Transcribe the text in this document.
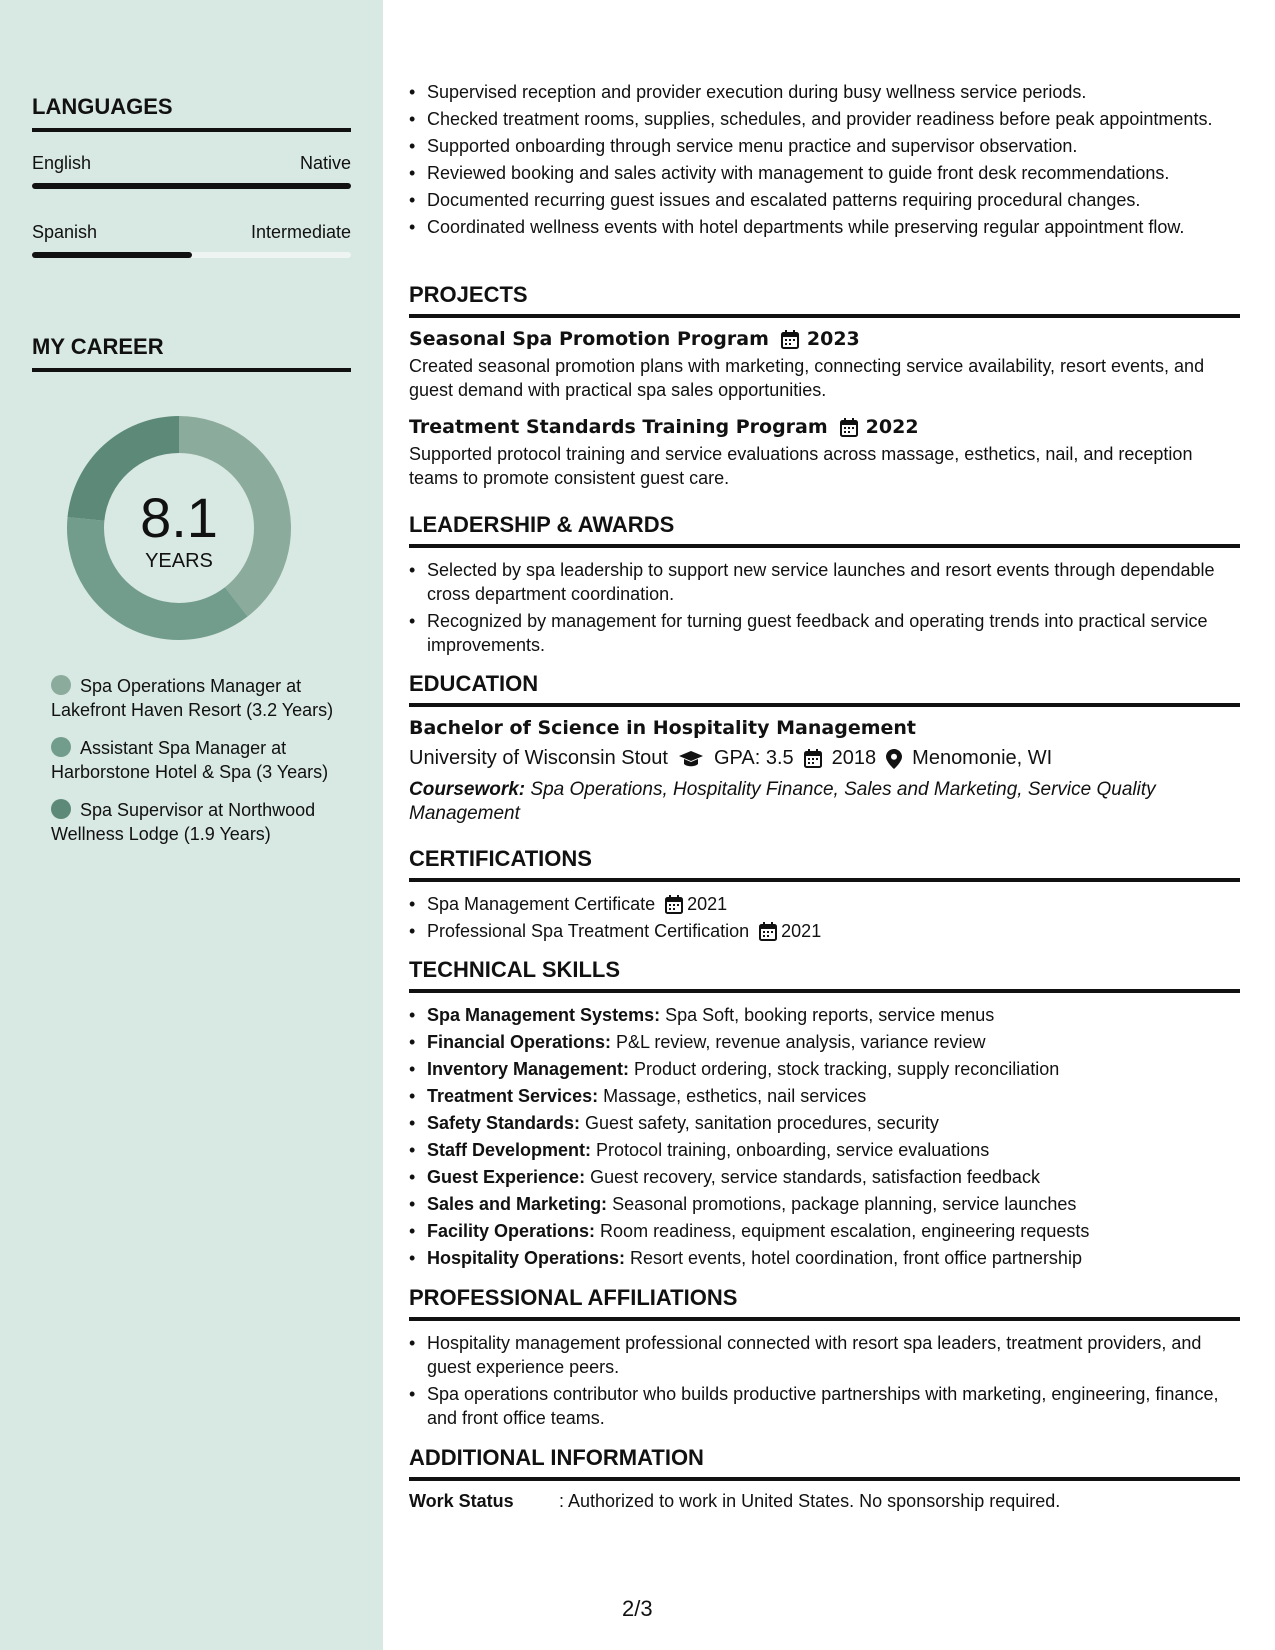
LANGUAGES
English	Native
Spanish	Intermediate
MY CAREER
8.1
YEARS
Spa Operations Manager at Lakefront Haven Resort (3.2 Years)
Assistant Spa Manager at Harborstone Hotel & Spa (3 Years)
Spa Supervisor at Northwood Wellness Lodge (1.9 Years)
• Supervised reception and provider execution during busy wellness service periods.
• Checked treatment rooms, supplies, schedules, and provider readiness before peak appointments.
• Supported onboarding through service menu practice and supervisor observation.
• Reviewed booking and sales activity with management to guide front desk recommendations.
• Documented recurring guest issues and escalated patterns requiring procedural changes.
• Coordinated wellness events with hotel departments while preserving regular appointment flow.
PROJECTS
Seasonal Spa Promotion Program 2023
Created seasonal promotion plans with marketing, connecting service availability, resort events, and guest demand with practical spa sales opportunities.
Treatment Standards Training Program 2022
Supported protocol training and service evaluations across massage, esthetics, nail, and reception teams to promote consistent guest care.
LEADERSHIP & AWARDS
• Selected by spa leadership to support new service launches and resort events through dependable cross department coordination.
• Recognized by management for turning guest feedback and operating trends into practical service improvements.
EDUCATION
Bachelor of Science in Hospitality Management
University of Wisconsin Stout GPA: 3.5 2018 Menomonie, WI
Coursework: Spa Operations, Hospitality Finance, Sales and Marketing, Service Quality Management
CERTIFICATIONS
• Spa Management Certificate 2021
• Professional Spa Treatment Certification 2021
TECHNICAL SKILLS
• Spa Management Systems: Spa Soft, booking reports, service menus
• Financial Operations: P&L review, revenue analysis, variance review
• Inventory Management: Product ordering, stock tracking, supply reconciliation
• Treatment Services: Massage, esthetics, nail services
• Safety Standards: Guest safety, sanitation procedures, security
• Staff Development: Protocol training, onboarding, service evaluations
• Guest Experience: Guest recovery, service standards, satisfaction feedback
• Sales and Marketing: Seasonal promotions, package planning, service launches
• Facility Operations: Room readiness, equipment escalation, engineering requests
• Hospitality Operations: Resort events, hotel coordination, front office partnership
PROFESSIONAL AFFILIATIONS
• Hospitality management professional connected with resort spa leaders, treatment providers, and guest experience peers.
• Spa operations contributor who builds productive partnerships with marketing, engineering, finance, and front office teams.
ADDITIONAL INFORMATION
Work Status	: Authorized to work in United States. No sponsorship required.
2/3
